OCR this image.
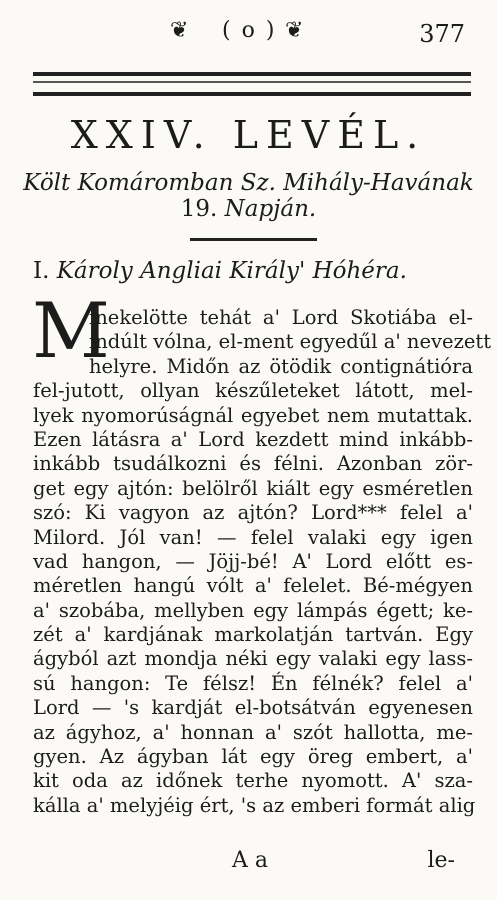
❦ ( o ) ❦	377
XXIV. LEVÉL.
Költ Komáromban Sz. Mihály-Havának
19. Napján.
I. Károly Angliai Király' Hóhéra.
M
inekelötte tehát a' Lord Skotiába el-
indúlt vólna, el-ment egyedűl a' nevezett
helyre. Midőn az ötödik contignátióra
fel-jutott, ollyan készűleteket látott, mel-
lyek nyomorúságnál egyebet nem mutattak.
Ezen látásra a' Lord kezdett mind inkább-
inkább tsudálkozni és félni. Azonban zör-
get egy ajtón: belölről kiált egy esméretlen
szó: Ki vagyon az ajtón? Lord*** felel a'
Milord. Jól van! — felel valaki egy igen
vad hangon, — Jöjj-bé! A' Lord előtt es-
méretlen hangú vólt a' felelet. Bé-mégyen
a' szobába, mellyben egy lámpás égett; ke-
zét a' kardjának markolatján tartván. Egy
ágyból azt mondja néki egy valaki egy lass-
sú hangon: Te félsz! Én félnék? felel a'
Lord — 's kardját el-botsátván egyenesen
az ágyhoz, a' honnan a' szót hallotta, me-
gyen. Az ágyban lát egy öreg embert, a'
kit oda az időnek terhe nyomott. A' sza-
kálla a' melyjéig ért, 's az emberi formát alig
A a	le-
